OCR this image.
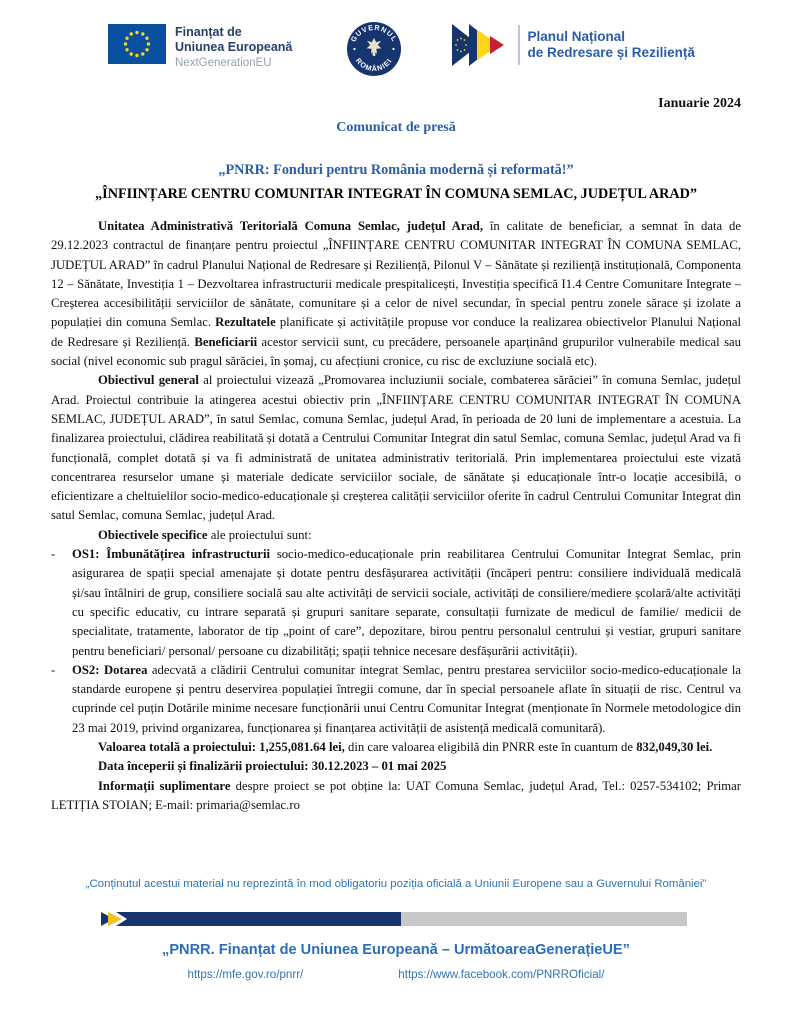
Finanțat de
Uniunea Europeană
NextGenerationEU
GUVERNUL
ROMÂNIEI
Planul Național
de Redresare și Reziliență
Ianuarie 2024
Comunicat de presă
„PNRR: Fonduri pentru România modernă și reformată!”
„ÎNFIINȚARE CENTRU COMUNITAR INTEGRAT ÎN COMUNA SEMLAC, JUDEȚUL ARAD”

Unitatea Administrativă Teritorială Comuna Semlac, județul Arad, în calitate de beneficiar, a semnat în data de 29.12.2023 contractul de finanțare pentru proiectul „ÎNFIINȚARE CENTRU COMUNITAR INTEGRAT ÎN COMUNA SEMLAC, JUDEȚUL ARAD” în cadrul Planului Național de Redresare și Reziliență, Pilonul V – Sănătate și reziliență instituțională, Componenta 12 – Sănătate, Investiția 1 – Dezvoltarea infrastructurii medicale prespitalicești, Investiția specifică I1.4 Centre Comunitare Integrate – Creșterea accesibilității serviciilor de sănătate, comunitare și a celor de nivel secundar, în special pentru zonele sărace și izolate a populației din comuna Semlac. Rezultatele planificate și activitățile propuse vor conduce la realizarea obiectivelor Planului Național de Redresare și Reziliență. Beneficiarii acestor servicii sunt, cu precădere, persoanele aparținând grupurilor vulnerabile medical sau social (nivel economic sub pragul sărăciei, în șomaj, cu afecțiuni cronice, cu risc de excluziune socială etc).

Obiectivul general al proiectului vizează „Promovarea incluziunii sociale, combaterea sărăciei” în comuna Semlac, județul Arad. Proiectul contribuie la atingerea acestui obiectiv prin „ÎNFIINȚARE CENTRU COMUNITAR INTEGRAT ÎN COMUNA SEMLAC, JUDEȚUL ARAD”, în satul Semlac, comuna Semlac, județul Arad, în perioada de 20 luni de implementare a acestuia. La finalizarea proiectului, clădirea reabilitată și dotată a Centrului Comunitar Integrat din satul Semlac, comuna Semlac, județul Arad va fi funcțională, complet dotată și va fi administrată de unitatea administrativ teritorială. Prin implementarea proiectului este vizată concentrarea resurselor umane și materiale dedicate serviciilor sociale, de sănătate și educaționale într-o locație accesibilă, o eficientizare a cheltuielilor socio-medico-educaționale și creșterea calității serviciilor oferite în cadrul Centrului Comunitar Integrat din satul Semlac, comuna Semlac, județul Arad.

Obiectivele specifice ale proiectului sunt:

-	OS1: Îmbunătățirea infrastructurii socio-medico-educaționale prin reabilitarea Centrului Comunitar Integrat Semlac, prin asigurarea de spații special amenajate și dotate pentru desfășurarea activității (încăperi pentru: consiliere individuală medicală și/sau întâlniri de grup, consiliere socială sau alte activități de servicii sociale, activități de consiliere/mediere școlară/alte activități cu specific educativ, cu intrare separată și grupuri sanitare separate, consultații furnizate de medicul de familie/ medicii de specialitate, tratamente, laborator de tip „point of care”, depozitare, birou pentru personalul centrului și vestiar, grupuri sanitare pentru beneficiari/ personal/ persoane cu dizabilități; spații tehnice necesare desfășurării activității).
-	OS2: Dotarea adecvată a clădirii Centrului comunitar integrat Semlac, pentru prestarea serviciilor socio-medico-educaționale la standarde europene și pentru deservirea populației întregii comune, dar în special persoanele aflate în situații de risc. Centrul va cuprinde cel puțin Dotările minime necesare funcționării unui Centru Comunitar Integrat (menționate în Normele metodologice din 23 mai 2019, privind organizarea, funcționarea și finanțarea activității de asistență medicală comunitară).

Valoarea totală a proiectului: 1,255,081.64 lei, din care valoarea eligibilă din PNRR este în cuantum de 832,049,30 lei.

Data începerii și finalizării proiectului: 30.12.2023 – 01 mai 2025

Informații suplimentare despre proiect se pot obține la: UAT Comuna Semlac, județul Arad, Tel.: 0257-534102; Primar LETIȚIA STOIAN; E-mail: primaria@semlac.ro

„Conținutul acestui material nu reprezintă în mod obligatoriu poziția oficială a Uniunii Europene sau a Guvernului României”
„PNRR. Finanțat de Uniunea Europeană – UrmătoareaGenerațieUE”
https://mfe.gov.ro/pnrr/	https://www.facebook.com/PNRROficial/
